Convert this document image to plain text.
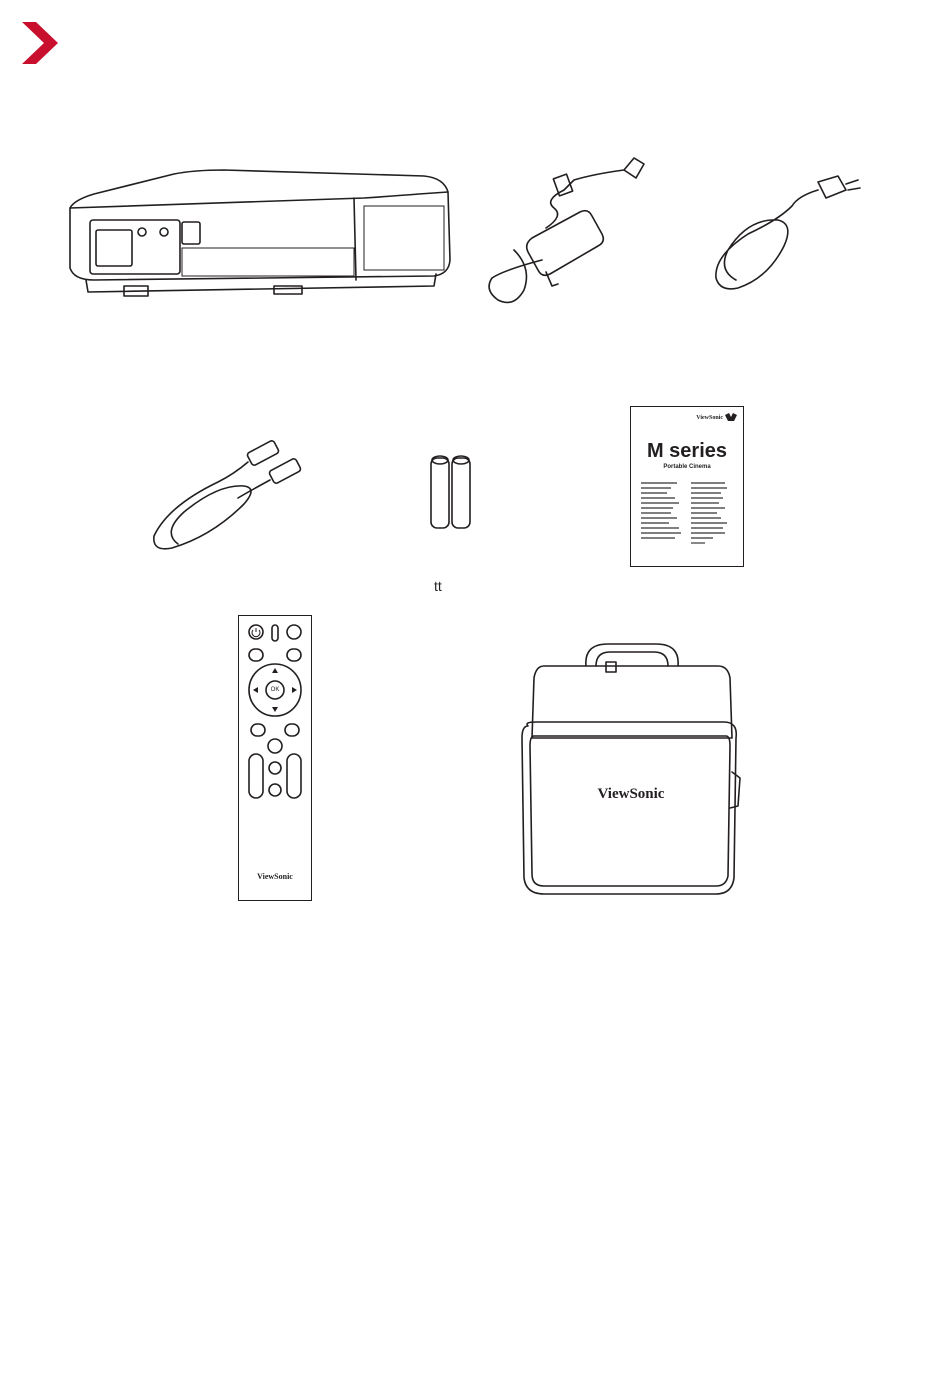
ViewSonic
M series
Portable Cinema
tt
OK
ViewSonic
ViewSonic
